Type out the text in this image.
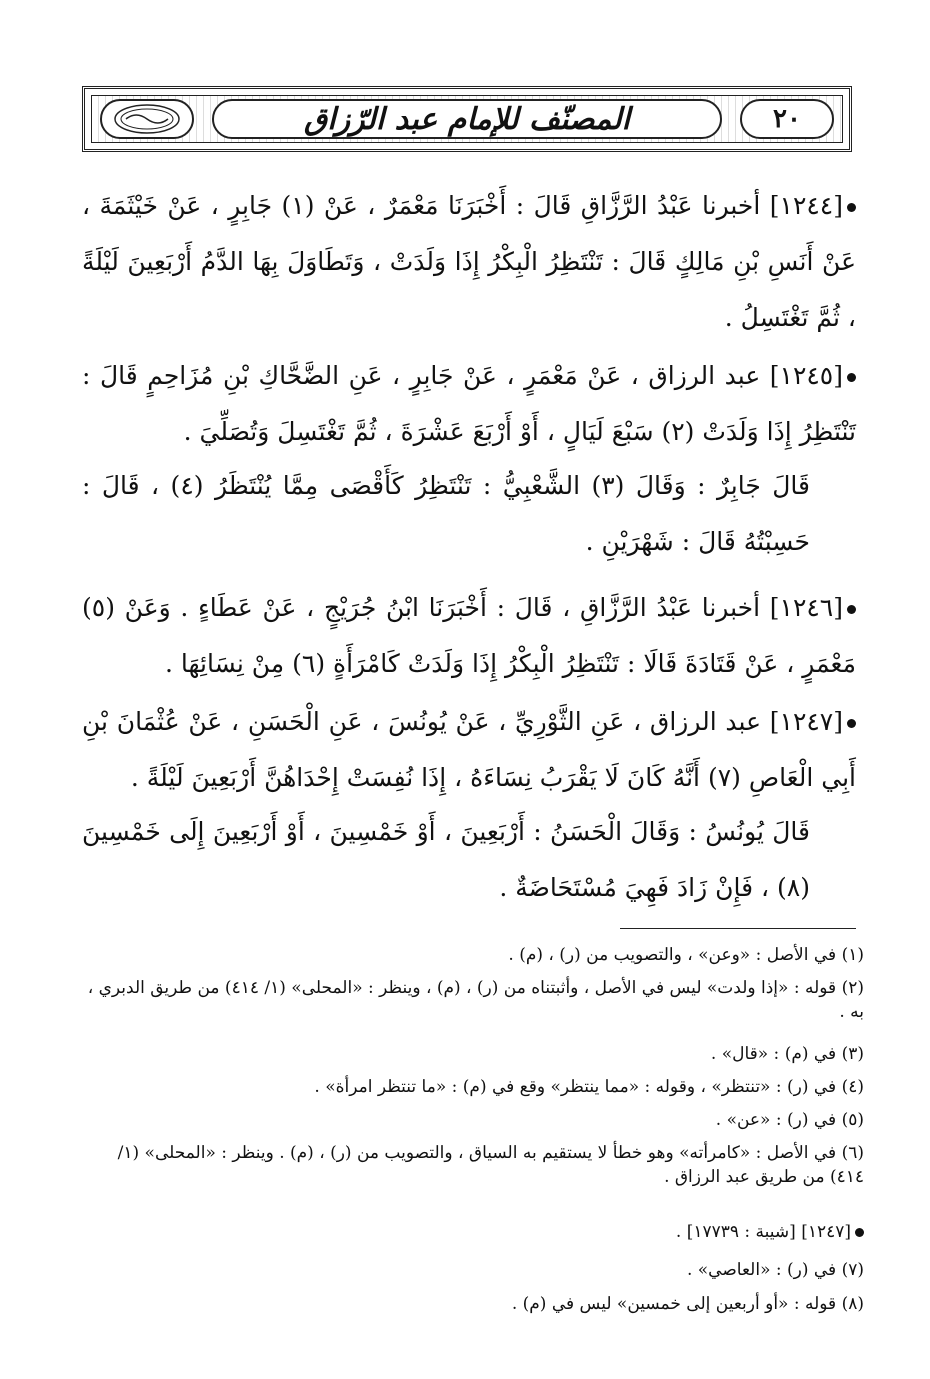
٢٠
المصنّف للإمام عبد الرّزاق
[١٢٤٤] أخبرنا عَبْدُ الرَّزَّاقِ قَالَ : أَخْبَرَنَا مَعْمَرٌ ، عَنْ (١) جَابِرٍ ، عَنْ خَيْثَمَةَ ، عَنْ أَنَسِ بْنِ مَالِكٍ قَالَ : تَنْتَظِرُ الْبِكْرُ إِذَا وَلَدَتْ ، وَتَطَاوَلَ بِهَا الدَّمُ أَرْبَعِينَ لَيْلَةً ، ثُمَّ تَغْتَسِلُ .
[١٢٤٥] عبد الرزاق ، عَنْ مَعْمَرٍ ، عَنْ جَابِرٍ ، عَنِ الضَّحَّاكِ بْنِ مُزَاحِمٍ قَالَ : تَنْتَظِرُ إِذَا وَلَدَتْ (٢) سَبْعَ لَيَالٍ ، أَوْ أَرْبَعَ عَشْرَةَ ، ثُمَّ تَغْتَسِلَ وَتُصَلِّيَ .
قَالَ جَابِرٌ : وَقَالَ (٣) الشَّعْبِيُّ : تَنْتَظِرُ كَأَقْصَى مِمَّا يُنْتَظَرُ (٤) ، قَالَ : حَسِبْتُهُ قَالَ : شَهْرَيْنِ .
[١٢٤٦] أخبرنا عَبْدُ الرَّزَّاقِ ، قَالَ : أَخْبَرَنَا ابْنُ جُرَيْجٍ ، عَنْ عَطَاءٍ . وَعَنْ (٥) مَعْمَرٍ ، عَنْ قَتَادَةَ قَالَا : تَنْتَظِرُ الْبِكْرُ إِذَا وَلَدَتْ كَامْرَأَةٍ (٦) مِنْ نِسَائِهَا .
[١٢٤٧] عبد الرزاق ، عَنِ الثَّوْرِيِّ ، عَنْ يُونُسَ ، عَنِ الْحَسَنِ ، عَنْ عُثْمَانَ بْنِ أَبِي الْعَاصِ (٧) أَنَّهُ كَانَ لَا يَقْرَبُ نِسَاءَهُ ، إِذَا نُفِسَتْ إِحْدَاهُنَّ أَرْبَعِينَ لَيْلَةً .
قَالَ يُونُسُ : وَقَالَ الْحَسَنُ : أَرْبَعِينَ ، أَوْ خَمْسِينَ ، أَوْ أَرْبَعِينَ إِلَى خَمْسِينَ (٨) ، فَإِنْ زَادَ فَهِيَ مُسْتَحَاضَةٌ .
(١) في الأصل : «وعن» ، والتصويب من (ر) ، (م) .
(٢) قوله : «إذا ولدت» ليس في الأصل ، وأثبتناه من (ر) ، (م) ، وينظر : «المحلى» (١/ ٤١٤) من طريق الدبري ، به .
(٣) في (م) : «قال» .
(٤) في (ر) : «تنتظر» ، وقوله : «مما ينتظر» وقع في (م) : «ما تنتظر امرأة» .
(٥) في (ر) : «عن» .
(٦) في الأصل : «كامرأته» وهو خطأ لا يستقيم به السياق ، والتصويب من (ر) ، (م) . وينظر : «المحلى» (١/ ٤١٤) من طريق عبد الرزاق .
[١٢٤٧] [شيبة : ١٧٧٣٩] .
(٧) في (ر) : «العاصي» .
(٨) قوله : «أو أربعين إلى خمسين» ليس في (م) .
